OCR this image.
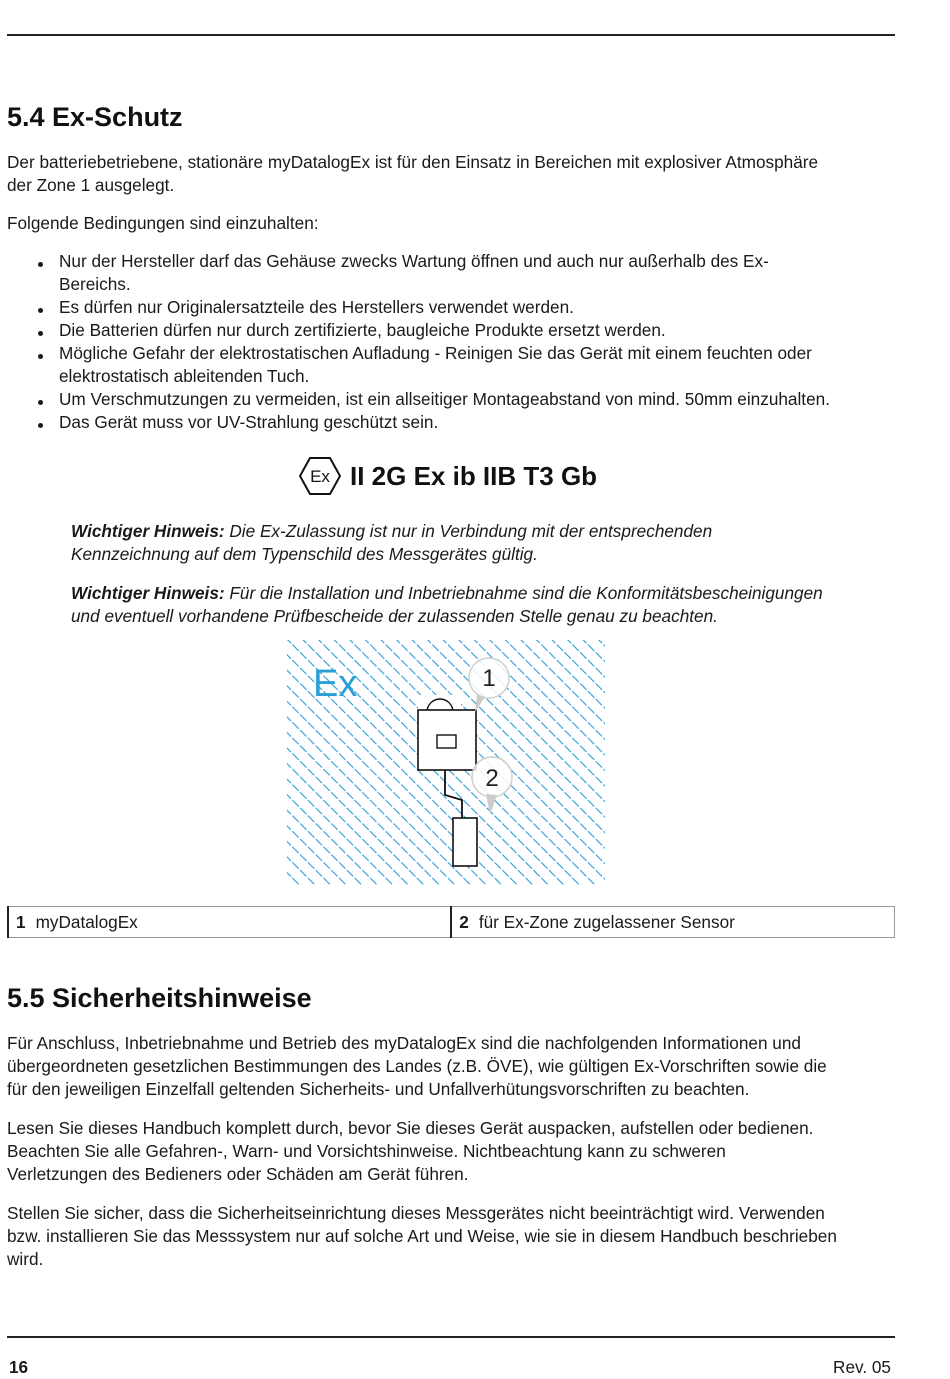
5.4 Ex-Schutz

Der batteriebetriebene, stationäre myDatalogEx ist für den Einsatz in Bereichen mit explosiver Atmosphäre
der Zone 1 ausgelegt.

Folgende Bedingungen sind einzuhalten:

Nur der Hersteller darf das Gehäuse zwecks Wartung öffnen und auch nur außerhalb des Ex-
Bereichs.
Es dürfen nur Originalersatzteile des Herstellers verwendet werden.
Die Batterien dürfen nur durch zertifizierte, baugleiche Produkte ersetzt werden.
Mögliche Gefahr der elektrostatischen Aufladung - Reinigen Sie das Gerät mit einem feuchten oder
elektrostatisch ableitenden Tuch.
Um Verschmutzungen zu vermeiden, ist ein allseitiger Montageabstand von mind. 50mm einzuhalten.
Das Gerät muss vor UV-Strahlung geschützt sein.
Ex II 2G Ex ib IIB T3 Gb

Wichtiger Hinweis: Die Ex-Zulassung ist nur in Verbindung mit der entsprechenden
Kennzeichnung auf dem Typenschild des Messgerätes gültig.

Wichtiger Hinweis: Für die Installation und Inbetriebnahme sind die Konformitätsbescheinigungen
und eventuell vorhandene Prüfbescheide der zulassenden Stelle genau zu beachten.

Ex	1
2
1 myDatalogEx	2 für Ex-Zone zugelassener Sensor
5.5 Sicherheitshinweise

Für Anschluss, Inbetriebnahme und Betrieb des myDatalogEx sind die nachfolgenden Informationen und
übergeordneten gesetzlichen Bestimmungen des Landes (z.B. ÖVE), wie gültigen Ex-Vorschriften sowie die
für den jeweiligen Einzelfall geltenden Sicherheits- und Unfallverhütungsvorschriften zu beachten.

Lesen Sie dieses Handbuch komplett durch, bevor Sie dieses Gerät auspacken, aufstellen oder bedienen.
Beachten Sie alle Gefahren-, Warn- und Vorsichtshinweise. Nichtbeachtung kann zu schweren
Verletzungen des Bedieners oder Schäden am Gerät führen.

Stellen Sie sicher, dass die Sicherheitseinrichtung dieses Messgerätes nicht beeinträchtigt wird. Verwenden
bzw. installieren Sie das Messsystem nur auf solche Art und Weise, wie sie in diesem Handbuch beschrieben
wird.

16	Rev. 05
